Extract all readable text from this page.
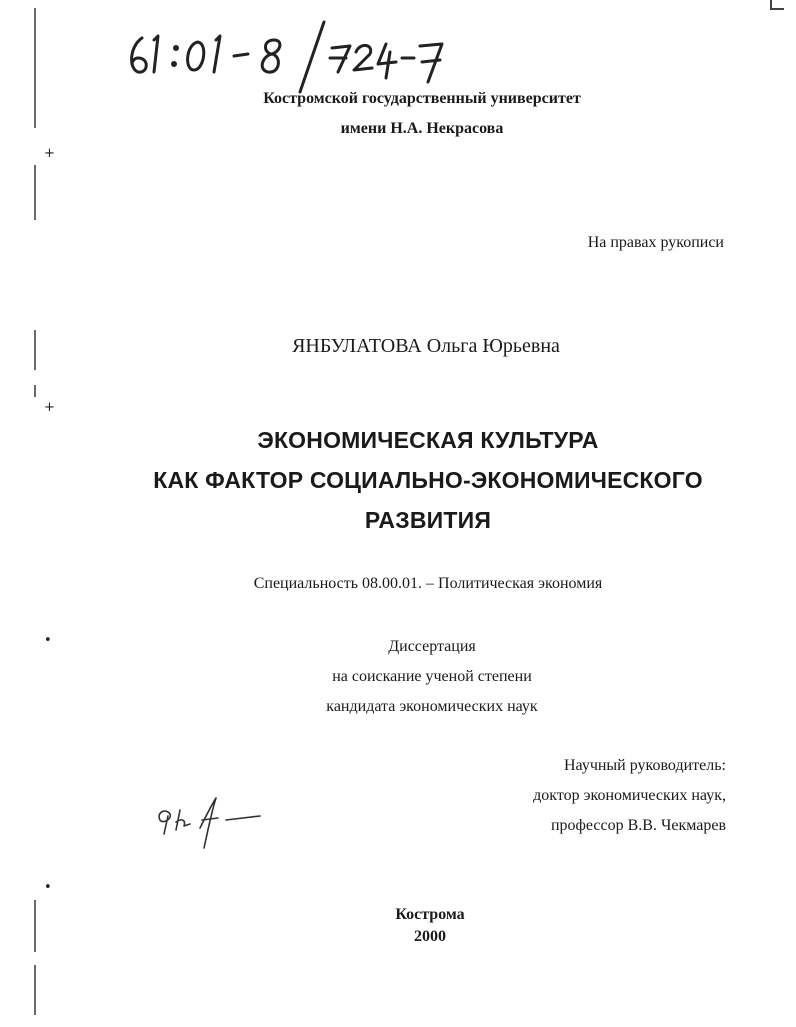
+
+
•
•
Костромской государственный университет
имени Н.А. Некрасова
На правах рукописи
ЯНБУЛАТОВА Ольга Юрьевна
ЭКОНОМИЧЕСКАЯ КУЛЬТУРА
КАК ФАКТОР СОЦИАЛЬНО-ЭКОНОМИЧЕСКОГО
РАЗВИТИЯ
Специальность 08.00.01. – Политическая экономия
Диссертация
на соискание ученой степени
кандидата экономических наук
Научный руководитель:
доктор экономических наук,
профессор В.В. Чекмарев
Кострома
2000
